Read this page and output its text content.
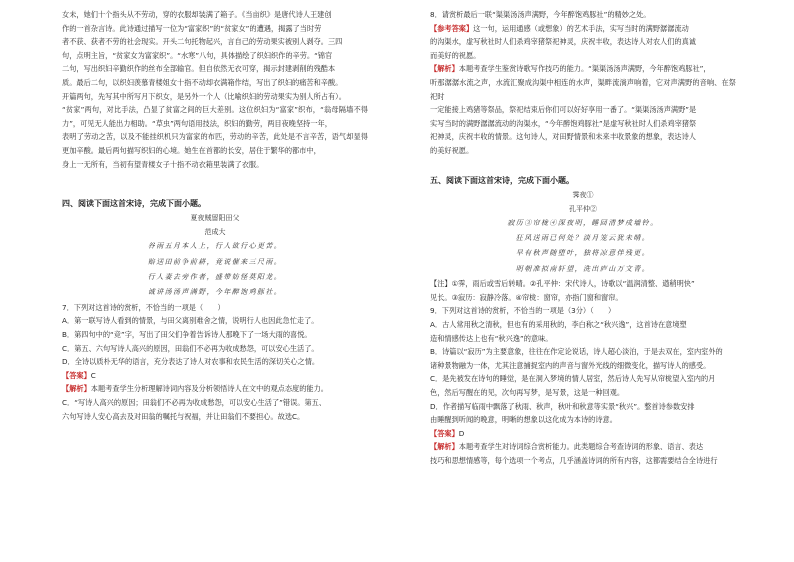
女未，她们十个指头从不劳动，穿的衣服却装满了箱子。《当亩织》是唐代诗人王建创

作的一首杂言诗。此诗通过描写一位为“富家织”的“贫家女”的遭遇，揭露了当时劳

者不获、获者不劳的社会现实。开头二句托物起兴，言自己的劳动果实被别人剥夺。三四

句，点明主旨，“贫家女为富家织”。“水寒”八句，具体描绘了织妇织作的辛劳。“锦官

二句，写出织妇辛勤织作的丝布全部输官。但自依然无衣可穿，揭示封建剥削的残酷本

质。最后二句，以织妇羡慕青楼姐女十指不动却衣满箱作结，写出了织妇的痛苦和辛酸。

开篇两句，先写其中所写月下织女，是另外一个人（比喻织妇的劳动果实为别人所占有）。

“贫家”两句，对比手法，凸显了贫富之间的巨大差别。这位织妇为“富家”织布，“翁母隔墙不得力”，可见无人能出力相助。“草虫”两句语用技法，织妇的勤劳，两目夜晚坚持一年，

表明了劳动之苦，以及不能挂织机只为富家的布匹，劳动的辛苦，此处是不言辛苦，语气却显得更加辛酸。最后两句描写织妇的心境。她生在首都的长安，居住于繁华的都市中，

身上一无所有，当初有望青楼女子十指不动衣箱里装满了衣服。

四、阅读下面这首宋诗，完成下面小题。

夏夜贼留阳田父

范成大

谷雨五月本人上，行人欲行心更苦。

赔送田前争前耕，竟说催来三尺雨。

行人妻去旁作者，盛带妨怪莫阳龙。

诚讲汤汤声满野，今年醉饱鸡豚社。

7．下列对这首诗的赏析，不恰当的一项是（　　）

A．第一联写诗人看到的情景，与田父离别难舍之情，说明行人也因此急忙走了。

B．第四句中的“竞”字，写出了田父们争着告诉诗人那晚下了一场大雨的喜悦。

C．第五、六句写诗人高兴的原因，田翁们不必再为收成愁怨，可以安心生活了。

D．全诗以质朴无华的语言，充分表达了诗人对农事和农民生活的深切关心之情。

【答案】C

【解析】本题考查学生分析理解诗词内容及分析领悟诗人在文中的观点态度的能力。

C．“写诗人高兴的原因；田翁们不必再为收成愁怨，可以安心生活了”错误。第五、

六句写诗人安心高去及对田翁的嘱托与祝福，并让田翁们不要担心。故选C。

8．请赏析最后一联“渠渠汤汤声满野，今年醉饱鸡豚社”的精妙之处。

【参考答案】这一句，运用通感（或想象）的艺术手法，实写当时的满野潺潺流动

的沟渠水，虚写秋社时人们杀鸡宰猪祭祀神灵，庆祝丰收，表达诗人对农人们的真诚

而美好的祝愿。

【解析】本题考查学生鉴赏诗歌写作技巧的能力。“渠渠汤汤声满野，今年醉饱鸡豚社”，

听那潺潺水流之声，水流汇聚成沟渠中相连的水声，渠畔流淌声响着，它对声满野的音响、在祭祀时

一定能接上鸡猪等祭品，祭祀结束后你们可以好好享用一番了。“渠渠汤汤声满野”是

实写当时的满野潺潺流动的沟渠水，“今年醉饱鸡豚社”是虚写秋社时人们杀鸡宰猪祭

祀神灵，庆祝丰收的情景。这句诗人，对田野情景和未来丰收景象的想象，表达诗人

的美好祝愿。

五、阅读下面这首宋诗，完成下面小题。

霁夜①

孔平仲②

寂历③帘栊④深夜明，睡回清梦戍墙铃。

狂风送雨已何处？淡月笼云犹未晴。

早有秋声随堕叶，独将凉意伴残更。

明朝准拟南轩望，洗出庐山万文青。

【注】①霁，雨后或雪后转晴。②孔平仲：宋代诗人，诗歌以“温润清整、遒稍明快”

见长。③寂历：寂静冷落。④帘栊：窗帘，亦指门窗和窗帘。

9．下列对这首诗的赏析，不恰当的一项是（3分）（　　）

A．古人常用秋之清秋，但也有的采用秋的，李白称之“秋兴逸”，这首诗在意境塑

造和情感传达上也有“秋兴逸”的意味。

B．诗篇以“寂历”为主要意象，往往在作定论说话，诗人超心淡泊，于是去双在，室内室外的

诸种景物融为一体，尤其注意捕捉室内的声音与窗外光线的细微变化，描写诗人的感受。

C．是先被发在诗句的睡觉，是在洞入梦境的情人居室，然后诗人先写从帘栊望入室内的月

色，然后写醒在的见，次句再写梦，是写景，这是一种回观。

D．作者描写临雨中飘落了秋雨、秋声，秋叶和秋意等实景“秋兴”。整首诗参数安排

由睡醒到听闻的晚意，明晰的想象以这化成为本诗的诗意。

【答案】D

【解析】本题考查学生对诗词综合赏析能力。此类题综合考查诗词的形象、语言、表达

技巧和思想情感等，每个选项一个考点，几乎涵盖诗词的所有内容，这都需要结合全诗进行
